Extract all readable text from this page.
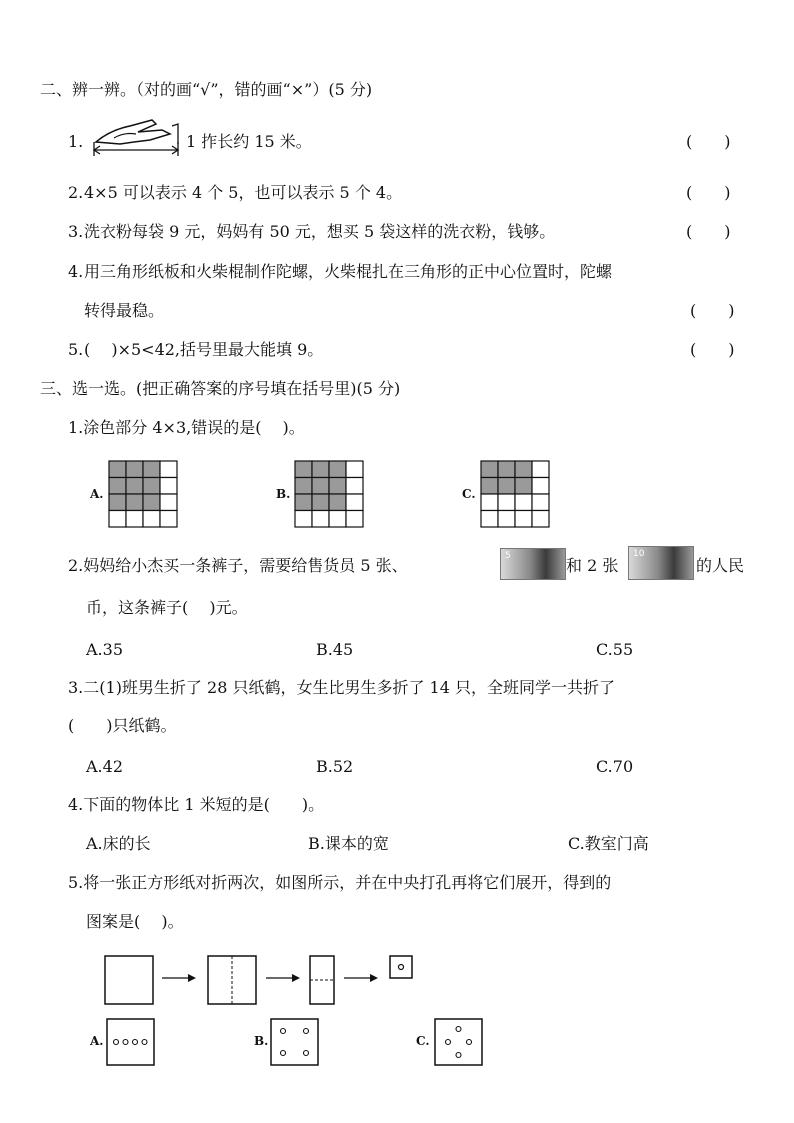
二、辨一辨。（对的画“√”，错的画“×”）(5 分)
1.	1 拃长约 15 米。	(　　)
2. 4×5 可以表示 4 个 5，也可以表示 5 个 4。	(　　)
3. 洗衣粉每袋 9 元，妈妈有 50 元，想买 5 袋这样的洗衣粉，钱够。	(　　)
4. 用三角形纸板和火柴棍制作陀螺，火柴棍扎在三角形的正中心位置时，陀螺
转得最稳。	(　　)
5. (　 )×5<42,括号里最大能填 9。	(　　)
三、选一选。(把正确答案的序号填在括号里)(5 分)
1.涂色部分 4×3,错误的是(　 )。
A.	B.	C.
2.妈妈给小杰买一条裤子，需要给售货员 5 张、	5	和 2 张
10
的人民
币，这条裤子(　 )元。
A.35	B.45	C.55
3.二(1)班男生折了 28 只纸鹤，女生比男生多折了 14 只，全班同学一共折了
(　　)只纸鹤。
A.42	B.52	C.70
4.下面的物体比 1 米短的是(　　)。
A.床的长	B.课本的宽	C.教室门高
5.将一张正方形纸对折两次，如图所示，并在中央打孔再将它们展开，得到的
图案是(　 )。
A.	B.	C.
